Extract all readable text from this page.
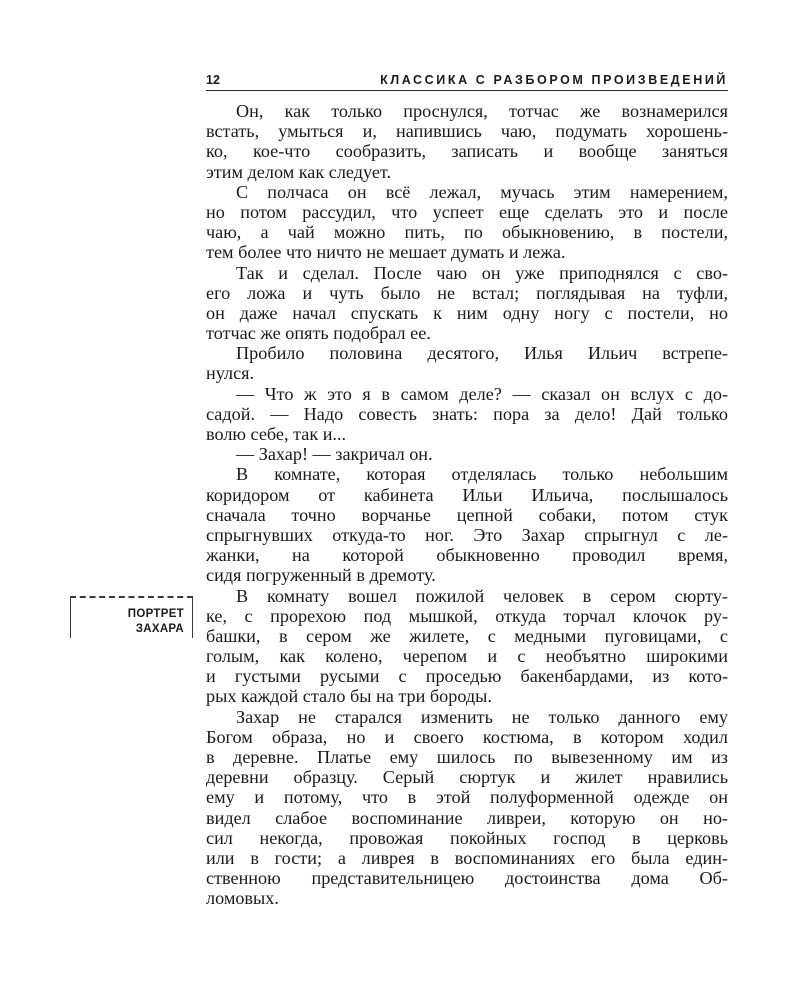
12	КЛАССИКА С РАЗБОРОМ ПРОИЗВЕДЕНИЙ
ПОРТРЕТ
ЗАХАРА
Он, как только проснулся, тотчас же вознамерился
встать, умыться и, напившись чаю, подумать хорошень-
ко, кое-что сообразить, записать и вообще заняться
этим делом как следует.
С полчаса он всё лежал, мучась этим намерением,
но потом рассудил, что успеет еще сделать это и после
чаю, а чай можно пить, по обыкновению, в постели,
тем более что ничто не мешает думать и лежа.
Так и сделал. После чаю он уже приподнялся с сво-
его ложа и чуть было не встал; поглядывая на туфли,
он даже начал спускать к ним одну ногу с постели, но
тотчас же опять подобрал ее.
Пробило половина десятого, Илья Ильич встрепе-
нулся.
— Что ж это я в самом деле? — сказал он вслух с до-
садой. — Надо совесть знать: пора за дело! Дай только
волю себе, так и...
— Захар! — закричал он.
В комнате, которая отделялась только небольшим
коридором от кабинета Ильи Ильича, послышалось
сначала точно ворчанье цепной собаки, потом стук
спрыгнувших откуда-то ног. Это Захар спрыгнул с ле-
жанки, на которой обыкновенно проводил время,
сидя погруженный в дремоту.
В комнату вошел пожилой человек в сером сюрту-
ке, с прорехою под мышкой, откуда торчал клочок ру-
башки, в сером же жилете, с медными пуговицами, с
голым, как колено, черепом и с необъятно широкими
и густыми русыми с проседью бакенбардами, из кото-
рых каждой стало бы на три бороды.
Захар не старался изменить не только данного ему
Богом образа, но и своего костюма, в котором ходил
в деревне. Платье ему шилось по вывезенному им из
деревни образцу. Серый сюртук и жилет нравились
ему и потому, что в этой полуформенной одежде он
видел слабое воспоминание ливреи, которую он но-
сил некогда, провожая покойных господ в церковь
или в гости; а ливрея в воспоминаниях его была един-
ственною представительницею достоинства дома Об-
ломовых.
